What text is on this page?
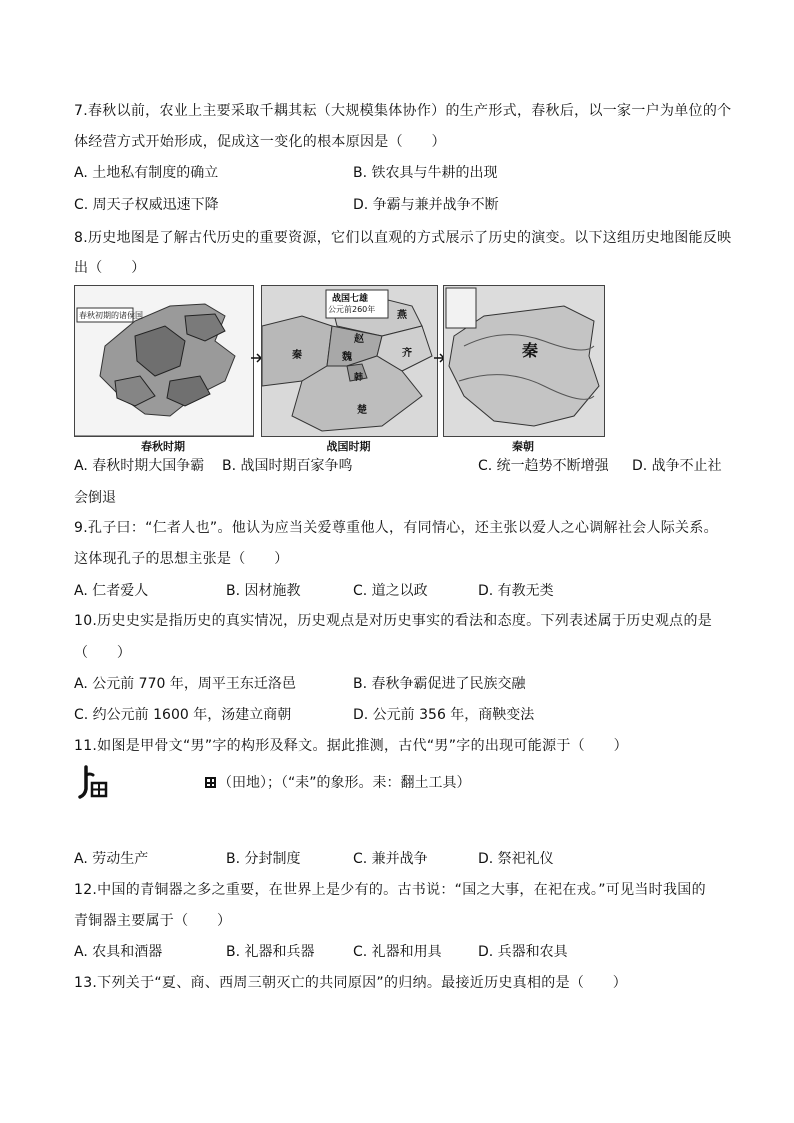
7.春秋以前，农业上主要采取千耦其耘（大规模集体协作）的生产形式，春秋后，以一家一户为单位的个
体经营方式开始形成，促成这一变化的根本原因是（　　）
A. 土地私有制度的确立	B. 铁农具与牛耕的出现
C. 周天子权威迅速下降	D. 争霸与兼并战争不断
8.历史地图是了解古代历史的重要资源，它们以直观的方式展示了历史的演变。以下这组历史地图能反映
出（　　）
春秋初期的诸侯国
春秋时期
战国七雄
公元前260年
燕
赵
魏	齐
秦
楚
韩
战国时期
秦
秦朝
A. 春秋时期大国争霸 B. 战国时期百家争鸣	C. 统一趋势不断增强 D. 战争不止社
会倒退
9.孔子曰：“仁者人也”。他认为应当关爱尊重他人，有同情心，还主张以爱人之心调解社会人际关系。
这体现孔子的思想主张是（　　）
A. 仁者爱人	B. 因材施教	C. 道之以政	D. 有教无类
10.历史史实是指历史的真实情况，历史观点是对历史事实的看法和态度。下列表述属于历史观点的是
（　　）
A. 公元前 770 年，周平王东迁洛邑	B. 春秋争霸促进了民族交融
C. 约公元前 1600 年，汤建立商朝	D. 公元前 356 年，商鞅变法
11.如图是甲骨文“男”字的构形及释文。据此推测，古代“男”字的出现可能源于（　　）
（田地）；（“耒”的象形。耒：翻土工具）
A. 劳动生产	B. 分封制度	C. 兼并战争	D. 祭祀礼仪
12.中国的青铜器之多之重要，在世界上是少有的。古书说：“国之大事，在祀在戎。”可见当时我国的
青铜器主要属于（　　）
A. 农具和酒器	B. 礼器和兵器	C. 礼器和用具	D. 兵器和农具
13.下列关于“夏、商、西周三朝灭亡的共同原因”的归纳。最接近历史真相的是（　　）
